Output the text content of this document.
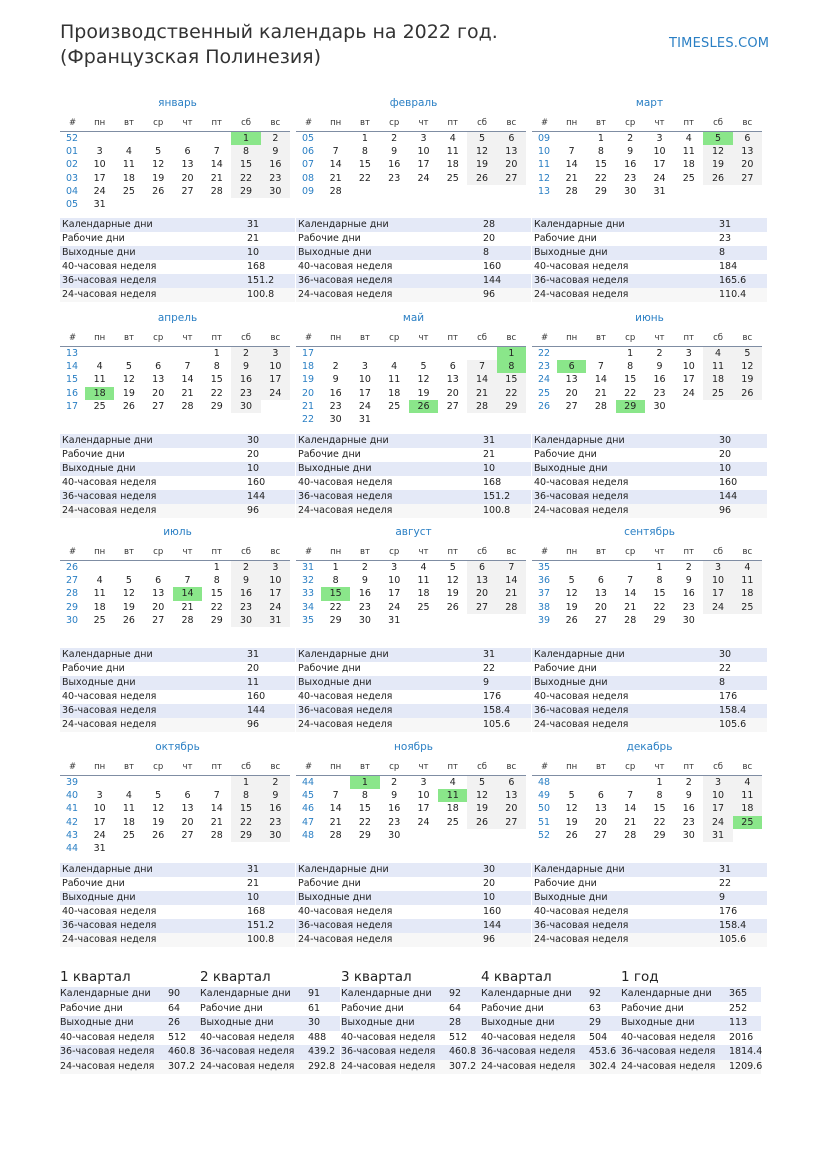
Производственный календарь на 2022 год.
(Французская Полинезия)
TIMESLES.COM
январь
#	пн	вт	ср	чт	пт	сб	вс
52						1	2
01	3	4	5	6	7	8	9
02	10	11	12	13	14	15	16
03	17	18	19	20	21	22	23
04	24	25	26	27	28	29	30
05	31						
Календарные дни	31
Рабочие дни	21
Выходные дни	10
40-часовая неделя	168
36-часовая неделя	151.2
24-часовая неделя	100.8
февраль
#	пн	вт	ср	чт	пт	сб	вс
05		1	2	3	4	5	6
06	7	8	9	10	11	12	13
07	14	15	16	17	18	19	20
08	21	22	23	24	25	26	27
09	28						
Календарные дни	28
Рабочие дни	20
Выходные дни	8
40-часовая неделя	160
36-часовая неделя	144
24-часовая неделя	96
март
#	пн	вт	ср	чт	пт	сб	вс
09		1	2	3	4	5	6
10	7	8	9	10	11	12	13
11	14	15	16	17	18	19	20
12	21	22	23	24	25	26	27
13	28	29	30	31			
Календарные дни	31
Рабочие дни	23
Выходные дни	8
40-часовая неделя	184
36-часовая неделя	165.6
24-часовая неделя	110.4
апрель
#	пн	вт	ср	чт	пт	сб	вс
13					1	2	3
14	4	5	6	7	8	9	10
15	11	12	13	14	15	16	17
16	18	19	20	21	22	23	24
17	25	26	27	28	29	30	
Календарные дни	30
Рабочие дни	20
Выходные дни	10
40-часовая неделя	160
36-часовая неделя	144
24-часовая неделя	96
май
#	пн	вт	ср	чт	пт	сб	вс
17							1
18	2	3	4	5	6	7	8
19	9	10	11	12	13	14	15
20	16	17	18	19	20	21	22
21	23	24	25	26	27	28	29
22	30	31					
Календарные дни	31
Рабочие дни	21
Выходные дни	10
40-часовая неделя	168
36-часовая неделя	151.2
24-часовая неделя	100.8
июнь
#	пн	вт	ср	чт	пт	сб	вс
22			1	2	3	4	5
23	6	7	8	9	10	11	12
24	13	14	15	16	17	18	19
25	20	21	22	23	24	25	26
26	27	28	29	30			
Календарные дни	30
Рабочие дни	20
Выходные дни	10
40-часовая неделя	160
36-часовая неделя	144
24-часовая неделя	96
июль
#	пн	вт	ср	чт	пт	сб	вс
26					1	2	3
27	4	5	6	7	8	9	10
28	11	12	13	14	15	16	17
29	18	19	20	21	22	23	24
30	25	26	27	28	29	30	31
Календарные дни	31
Рабочие дни	20
Выходные дни	11
40-часовая неделя	160
36-часовая неделя	144
24-часовая неделя	96
август
#	пн	вт	ср	чт	пт	сб	вс
31	1	2	3	4	5	6	7
32	8	9	10	11	12	13	14
33	15	16	17	18	19	20	21
34	22	23	24	25	26	27	28
35	29	30	31				
Календарные дни	31
Рабочие дни	22
Выходные дни	9
40-часовая неделя	176
36-часовая неделя	158.4
24-часовая неделя	105.6
сентябрь
#	пн	вт	ср	чт	пт	сб	вс
35				1	2	3	4
36	5	6	7	8	9	10	11
37	12	13	14	15	16	17	18
38	19	20	21	22	23	24	25
39	26	27	28	29	30		
Календарные дни	30
Рабочие дни	22
Выходные дни	8
40-часовая неделя	176
36-часовая неделя	158.4
24-часовая неделя	105.6
октябрь
#	пн	вт	ср	чт	пт	сб	вс
39						1	2
40	3	4	5	6	7	8	9
41	10	11	12	13	14	15	16
42	17	18	19	20	21	22	23
43	24	25	26	27	28	29	30
44	31						
Календарные дни	31
Рабочие дни	21
Выходные дни	10
40-часовая неделя	168
36-часовая неделя	151.2
24-часовая неделя	100.8
ноябрь
#	пн	вт	ср	чт	пт	сб	вс
44		1	2	3	4	5	6
45	7	8	9	10	11	12	13
46	14	15	16	17	18	19	20
47	21	22	23	24	25	26	27
48	28	29	30				
Календарные дни	30
Рабочие дни	20
Выходные дни	10
40-часовая неделя	160
36-часовая неделя	144
24-часовая неделя	96
декабрь
#	пн	вт	ср	чт	пт	сб	вс
48				1	2	3	4
49	5	6	7	8	9	10	11
50	12	13	14	15	16	17	18
51	19	20	21	22	23	24	25
52	26	27	28	29	30	31	
Календарные дни	31
Рабочие дни	22
Выходные дни	9
40-часовая неделя	176
36-часовая неделя	158.4
24-часовая неделя	105.6
1 квартал
Календарные дни	90
Рабочие дни	64
Выходные дни	26
40-часовая неделя	512
36-часовая неделя	460.8
24-часовая неделя	307.2
2 квартал
Календарные дни	91
Рабочие дни	61
Выходные дни	30
40-часовая неделя	488
36-часовая неделя	439.2
24-часовая неделя	292.8
3 квартал
Календарные дни	92
Рабочие дни	64
Выходные дни	28
40-часовая неделя	512
36-часовая неделя	460.8
24-часовая неделя	307.2
4 квартал
Календарные дни	92
Рабочие дни	63
Выходные дни	29
40-часовая неделя	504
36-часовая неделя	453.6
24-часовая неделя	302.4
1 год
Календарные дни	365
Рабочие дни	252
Выходные дни	113
40-часовая неделя	2016
36-часовая неделя	1814.4
24-часовая неделя	1209.6
